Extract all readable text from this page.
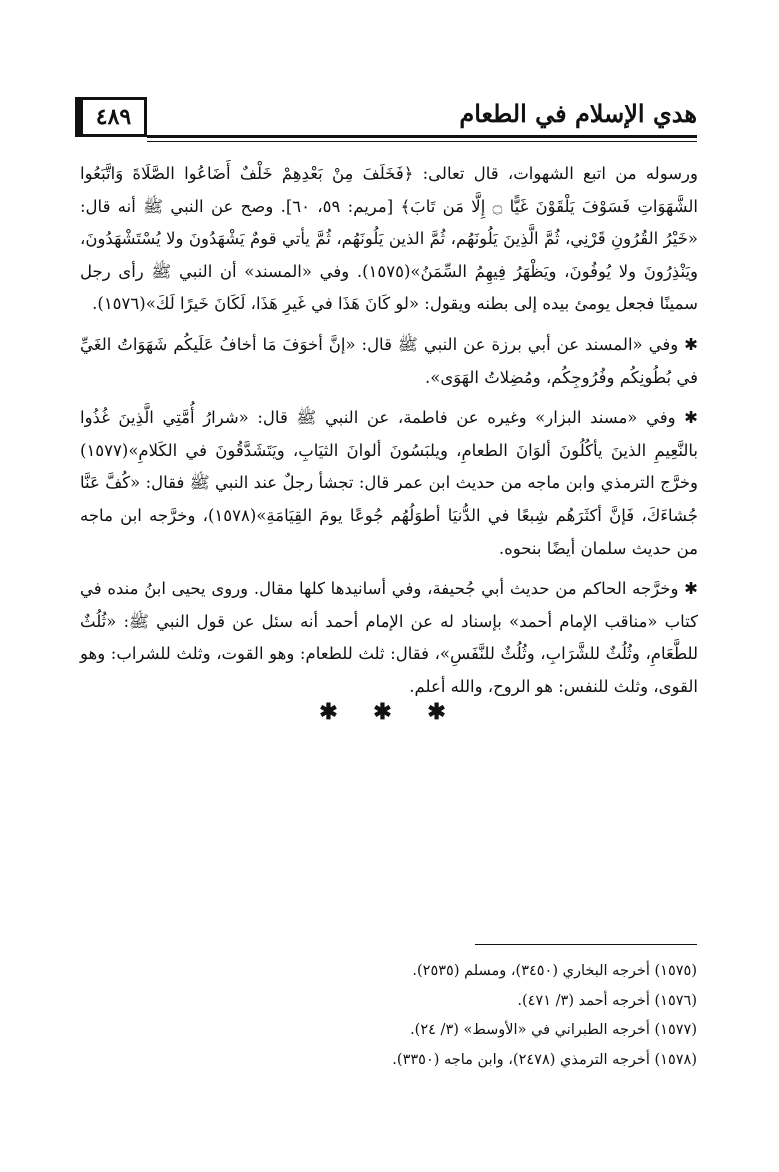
٤٨٩	هدي الإسلام في الطعام

ورسوله من اتبع الشهوات، قال تعالى: ﴿فَخَلَفَ مِنْ بَعْدِهِمْ خَلْفٌ أَضَاعُوا الصَّلَاةَ وَاتَّبَعُوا الشَّهَوَاتِ فَسَوْفَ يَلْقَوْنَ غَيًّا ۝ إِلَّا مَن تَابَ﴾ [مريم: ٥٩، ٦٠]. وصح عن النبي ﷺ أنه قال: «خَيْرُ القُرُونِ قَرْنِي، ثُمَّ الَّذِينَ يَلُونَهُم، ثُمَّ الذين يَلُونَهُم، ثُمَّ يأتي قومٌ يَشْهَدُونَ ولا يُسْتَشْهَدُونَ، ويَنْذِرُونَ ولا يُوفُونَ، ويَظْهَرُ فِيهِمُ السِّمَنُ»(١٥٧٥). وفي «المسند» أن النبي ﷺ رأى رجل سمينًا فجعل يومئ بيده إلى بطنه ويقول: «لو كَانَ هَذَا في غَيرِ هَذَا، لَكَانَ خَيرًا لَكَ»(١٥٧٦).

✱ وفي «المسند عن أبي برزة عن النبي ﷺ قال: «إنَّ أخوَفَ مَا أخافُ عَلَيكُم شَهَوَاتُ الغَيِّ في بُطُونِكُم وفُرُوجِكُم، ومُضِلاتُ الهَوَى».

✱ وفي «مسند البزار» وغيره عن فاطمة، عن النبي ﷺ قال: «شرارُ أُمَّتِي الَّذِينَ غُذُوا بالنَّعِيمِ الذينَ يأكُلُونَ ألوَانَ الطعامِ، ويلبَسُونَ ألوانَ الثيَابِ، ويَتَشَدَّقُونَ في الكَلامِ»(١٥٧٧) وخرَّج الترمذي وابن ماجه من حديث ابن عمر قال: تجشأ رجلٌ عند النبي ﷺ فقال: «كُفَّ عَنَّا جُشاءَكَ، فَإنَّ أكثَرَهُم شِبعًا في الدُّنيَا أطوَلُهُم جُوعًا يومَ القِيَامَةِ»(١٥٧٨)، وخرَّجه ابن ماجه من حديث سلمان أيضًا بنحوه.

✱ وخرَّجه الحاكم من حديث أبي جُحيفة، وفي أسانيدها كلها مقال. وروى يحيى ابنُ منده في كتاب «مناقب الإمام أحمد» بإسناد له عن الإمام أحمد أنه سئل عن قول النبي ﷺ: «ثُلُثٌ للطَّعَامِ، وثُلُثٌ للشَّرَابِ، وثُلُثٌ للنَّفَسِ»، فقال: ثلث للطعام: وهو القوت، وثلث للشراب: وهو القوى، وثلث للنفس: هو الروح، والله أعلم.

✱ ✱ ✱

(١٥٧٥) أخرجه البخاري (٣٤٥٠)، ومسلم (٢٥٣٥).

(١٥٧٦) أخرجه أحمد (٣/ ٤٧١).

(١٥٧٧) أخرجه الطبراني في «الأوسط» (٣/ ٢٤).

(١٥٧٨) أخرجه الترمذي (٢٤٧٨)، وابن ماجه (٣٣٥٠).
